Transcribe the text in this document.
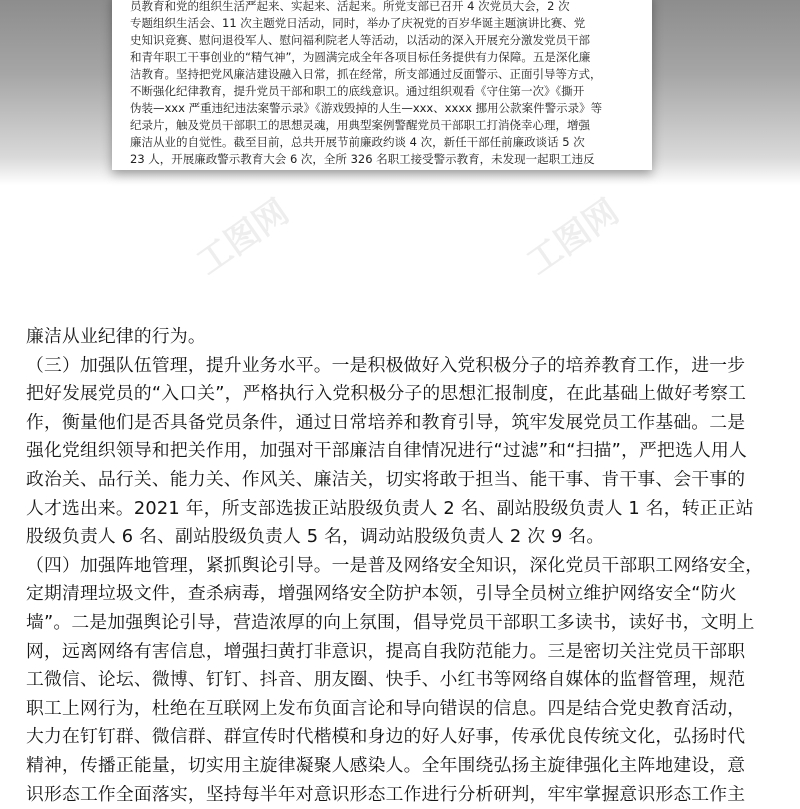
员教育和党的组织生活严起来、实起来、活起来。所党支部已召开 4 次党员大会，2 次
专题组织生活会、11 次主题党日活动，同时，举办了庆祝党的百岁华诞主题演讲比赛、党
史知识竞赛、慰问退役军人、慰问福利院老人等活动，以活动的深入开展充分激发党员干部
和青年职工干事创业的“精气神”，为圆满完成全年各项目标任务提供有力保障。五是深化廉
洁教育。坚持把党风廉洁建设融入日常，抓在经常，所支部通过反面警示、正面引导等方式，
不断强化纪律教育，提升党员干部和职工的底线意识。通过组织观看《守住第一次》《撕开
伪装—xxx 严重违纪违法案警示录》《游戏毁掉的人生—xxx、xxxx 挪用公款案件警示录》等
纪录片，触及党员干部职工的思想灵魂，用典型案例警醒党员干部职工打消侥幸心理，增强
廉洁从业的自觉性。截至目前，总共开展节前廉政约谈 4 次，新任干部任前廉政谈话 5 次
23 人，开展廉政警示教育大会 6 次，全所 326 名职工接受警示教育，未发现一起职工违反
廉洁从业纪律的行为。
（三）加强队伍管理，提升业务水平。一是积极做好入党积极分子的培养教育工作，进一步
把好发展党员的“入口关”，严格执行入党积极分子的思想汇报制度，在此基础上做好考察工
作，衡量他们是否具备党员条件，通过日常培养和教育引导，筑牢发展党员工作基础。二是
强化党组织领导和把关作用，加强对干部廉洁自律情况进行“过滤”和“扫描”，严把选人用人
政治关、品行关、能力关、作风关、廉洁关，切实将敢于担当、能干事、肯干事、会干事的
人才选出来。2021 年，所支部选拔正站股级负责人 2 名、副站股级负责人 1 名，转正正站
股级负责人 6 名、副站股级负责人 5 名，调动站股级负责人 2 次 9 名。
（四）加强阵地管理，紧抓舆论引导。一是普及网络安全知识，深化党员干部职工网络安全，
定期清理垃圾文件，查杀病毒，增强网络安全防护本领，引导全员树立维护网络安全“防火
墙”。二是加强舆论引导，营造浓厚的向上氛围，倡导党员干部职工多读书，读好书，文明上
网，远离网络有害信息，增强扫黄打非意识，提高自我防范能力。三是密切关注党员干部职
工微信、论坛、微博、钉钉、抖音、朋友圈、快手、小红书等网络自媒体的监督管理，规范
职工上网行为，杜绝在互联网上发布负面言论和导向错误的信息。四是结合党史教育活动，
大力在钉钉群、微信群、群宣传时代楷模和身边的好人好事，传承优良传统文化，弘扬时代
精神，传播正能量，切实用主旋律凝聚人感染人。全年围绕弘扬主旋律强化主阵地建设，意
识形态工作全面落实，坚持每半年对意识形态工作进行分析研判，牢牢掌握意识形态工作主
工图网	工图网
